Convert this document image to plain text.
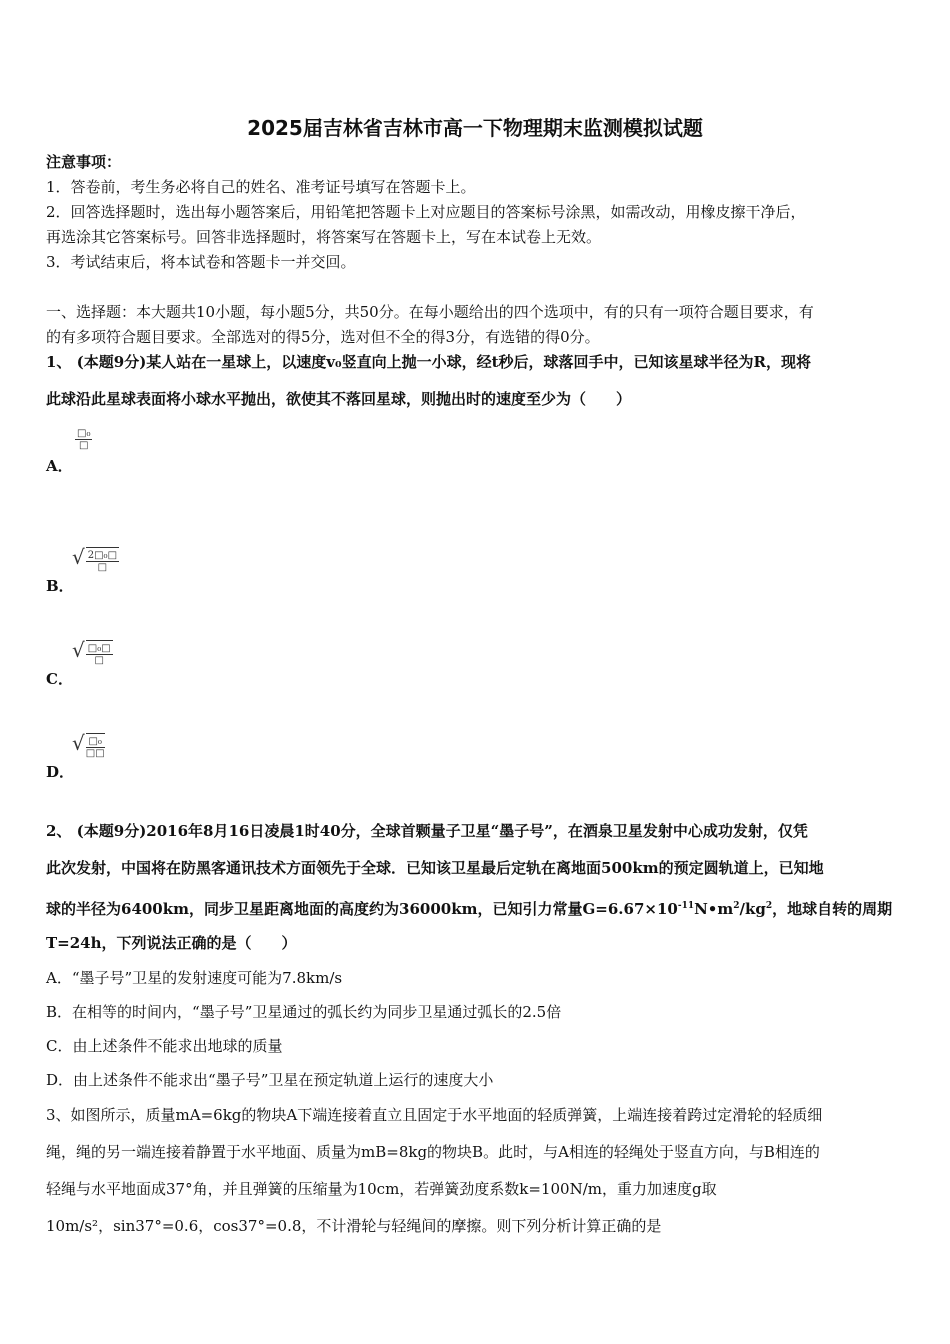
2025届吉林省吉林市高一下物理期末监测模拟试题
注意事项：
1．答卷前，考生务必将自己的姓名、准考证号填写在答题卡上。
2．回答选择题时，选出每小题答案后，用铅笔把答题卡上对应题目的答案标号涂黑，如需改动，用橡皮擦干净后，
再选涂其它答案标号。回答非选择题时，将答案写在答题卡上，写在本试卷上无效。
3．考试结束后，将本试卷和答题卡一并交回。
一、选择题：本大题共10小题，每小题5分，共50分。在每小题给出的四个选项中，有的只有一项符合题目要求，有
的有多项符合题目要求。全部选对的得5分，选对但不全的得3分，有选错的得0分。
1、 (本题9分)某人站在一星球上，以速度v₀竖直向上抛一小球，经t秒后，球落回手中，已知该星球半径为R，现将
此球沿此星球表面将小球水平抛出，欲使其不落回星球，则抛出时的速度至少为（　　）
A．
$\frac{\text{□₀}}{□}$
B．
√ $\frac{\text{2□₀□}}{□}$
C．
√ $\frac{\text{□₀□}}{□}$
D．
√ $\frac{\text{□₀}}{□□}$
2、 (本题9分)2016年8月16日凌晨1时40分，全球首颗量子卫星“墨子号”，在酒泉卫星发射中心成功发射，仅凭
此次发射，中国将在防黑客通讯技术方面领先于全球．已知该卫星最后定轨在离地面500km的预定圆轨道上，已知地
球的半径为6400km，同步卫星距离地面的高度约为36000km，已知引力常量$G=6.67\times 10^{-11}N•m^2/kg^2$，地球自转的周期
T=24h，下列说法正确的是（　　）
A．“墨子号”卫星的发射速度可能为7.8km/s
B．在相等的时间内，“墨子号”卫星通过的弧长约为同步卫星通过弧长的2.5倍
C．由上述条件不能求出地球的质量
D．由上述条件不能求出“墨子号”卫星在预定轨道上运行的速度大小
3、如图所示，质量mA=6kg的物块A下端连接着直立且固定于水平地面的轻质弹簧，上端连接着跨过定滑轮的轻质细
绳，绳的另一端连接着静置于水平地面、质量为mB=8kg的物块B。此时，与A相连的轻绳处于竖直方向，与B相连的
轻绳与水平地面成37°角，并且弹簧的压缩量为10cm，若弹簧劲度系数k=100N/m，重力加速度g取
10m/s²，sin37°=0.6，cos37°=0.8，不计滑轮与轻绳间的摩擦。则下列分析计算正确的是
